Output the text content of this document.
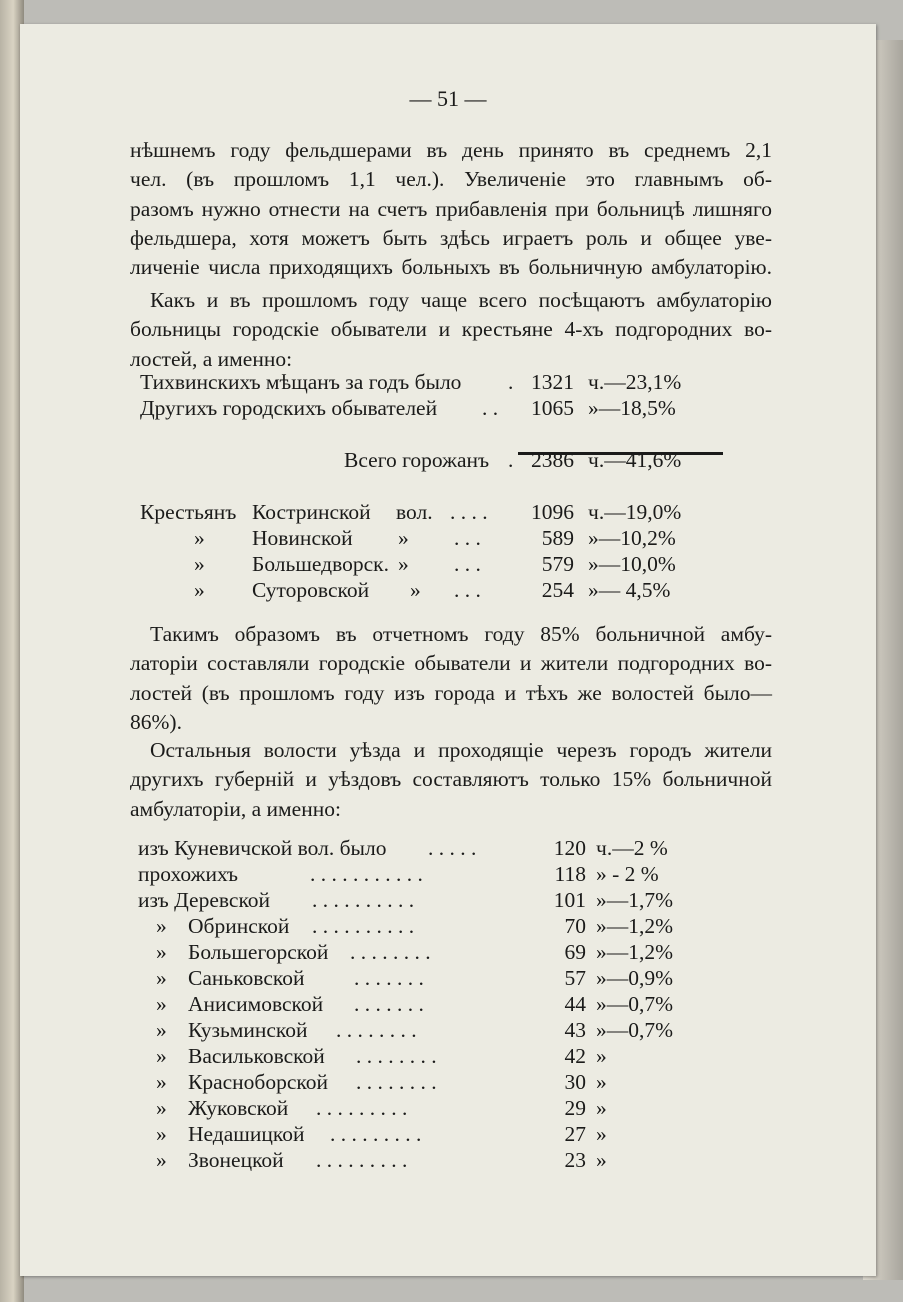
— 51 —
нѣшнемъ году фельдшерами въ день принято въ среднемъ 2,1
чел. (въ прошломъ 1,1 чел.). Увеличеніе это главнымъ об-
разомъ нужно отнести на счетъ прибавленія при больницѣ лишняго
фельдшера, хотя можетъ быть здѣсь играетъ роль и общее уве-
личеніе числа приходящихъ больныхъ въ больничную амбулаторію.
Какъ и въ прошломъ году чаще всего посѣщаютъ амбулаторію
больницы городскіе обыватели и крестьяне 4-хъ подгородних во-
лостей, а именно:
Тихвинскихъ мѣщанъ за годъ было . 1321 ч.—23,1%
Другихъ городскихъ обывателей . .	1065 »—18,5%
Всего горожанъ . 2386 ч.—41,6%
Крестьянъ Костринской вол. . . . .	1096 ч.—19,0%
» Новинской » . . .	589 »—10,2%
» Большедворск. » . . .	579 »—10,0%
» Суторовской » . . .	254 »— 4,5%
Такимъ образомъ въ отчетномъ году 85% больничной амбу-
латоріи составляли городскіе обыватели и жители подгородних во-
лостей (въ прошломъ году изъ города и тѣхъ же волостей было—
86%).
Остальныя волости уѣзда и проходящіе черезъ городъ жители
другихъ губерній и уѣздовъ составляютъ только 15% больничной
амбулаторіи, а именно:
изъ Куневичской вол. было . . . . .	120 ч.—2 %
прохожихъ	. . . . . . . . . . .	118 » - 2 %
изъ Деревской . . . . . . . . . .	101 »—1,7%
» Обринской . . . . . . . . . .	70 »—1,2%
» Большегорской . . . . . . . .	69 »—1,2%
» Саньковской . . . . . . .	57 »—0,9%
» Анисимовской . . . . . . .	44 »—0,7%
» Кузьминской . . . . . . . .	43 »—0,7%
» Васильковской . . . . . . . .	42 »
» Красноборской . . . . . . . .	30 »
» Жуковской . . . . . . . . .	29 »
» Недашицкой . . . . . . . . .	27 »
» Звонецкой . . . . . . . . .	23 »
